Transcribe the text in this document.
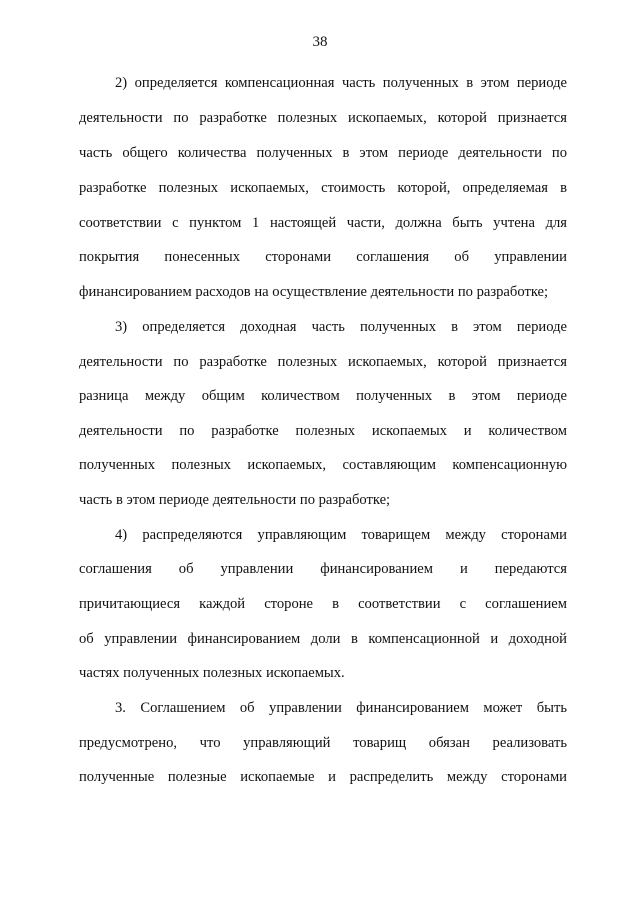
38
2) определяется компенсационная часть полученных в этом периоде
деятельности по разработке полезных ископаемых, которой признается
часть общего количества полученных в этом периоде деятельности по
разработке полезных ископаемых, стоимость которой, определяемая в
соответствии с пунктом 1 настоящей части, должна быть учтена для
покрытия понесенных сторонами соглашения об управлении
финансированием расходов на осуществление деятельности по разработке;
3) определяется доходная часть полученных в этом периоде
деятельности по разработке полезных ископаемых, которой признается
разница между общим количеством полученных в этом периоде
деятельности по разработке полезных ископаемых и количеством
полученных полезных ископаемых, составляющим компенсационную
часть в этом периоде деятельности по разработке;
4) распределяются управляющим товарищем между сторонами
соглашения об управлении финансированием и передаются
причитающиеся каждой стороне в соответствии с соглашением
об управлении финансированием доли в компенсационной и доходной
частях полученных полезных ископаемых.
3. Соглашением об управлении финансированием может быть
предусмотрено, что управляющий товарищ обязан реализовать
полученные полезные ископаемые и распределить между сторонами
